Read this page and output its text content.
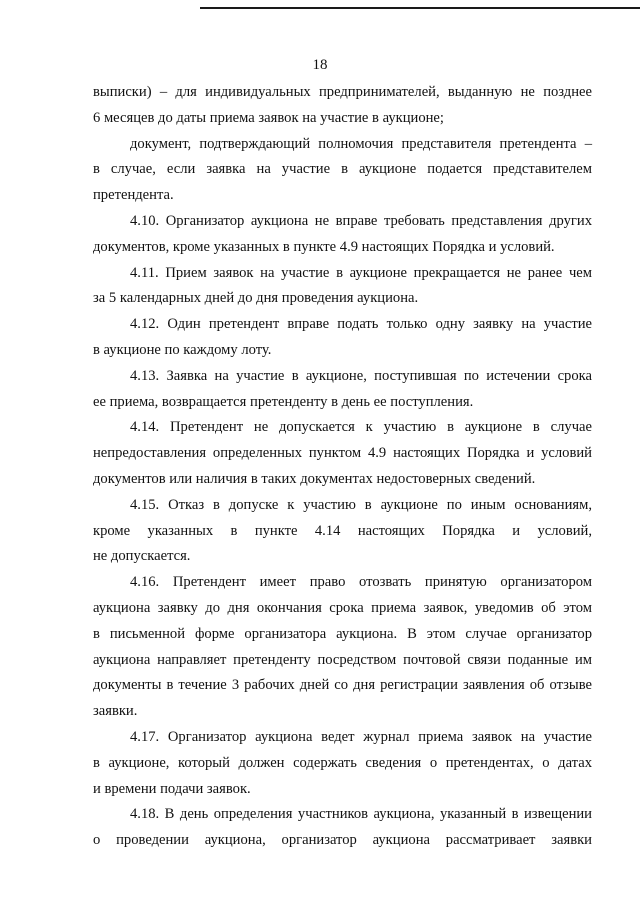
18
выписки) – для индивидуальных предпринимателей, выданную не позднее
6 месяцев до даты приема заявок на участие в аукционе;
документ, подтверждающий полномочия представителя претендента –
в случае, если заявка на участие в аукционе подается представителем
претендента.
4.10. Организатор аукциона не вправе требовать представления других
документов, кроме указанных в пункте 4.9 настоящих Порядка и условий.
4.11. Прием заявок на участие в аукционе прекращается не ранее чем
за 5 календарных дней до дня проведения аукциона.
4.12. Один претендент вправе подать только одну заявку на участие
в аукционе по каждому лоту.
4.13. Заявка на участие в аукционе, поступившая по истечении срока
ее приема, возвращается претенденту в день ее поступления.
4.14. Претендент не допускается к участию в аукционе в случае
непредоставления определенных пунктом 4.9 настоящих Порядка и условий
документов или наличия в таких документах недостоверных сведений.
4.15. Отказ в допуске к участию в аукционе по иным основаниям,
кроме указанных в пункте 4.14 настоящих Порядка и условий,
не допускается.
4.16. Претендент имеет право отозвать принятую организатором
аукциона заявку до дня окончания срока приема заявок, уведомив об этом
в письменной форме организатора аукциона. В этом случае организатор
аукциона направляет претенденту посредством почтовой связи поданные им
документы в течение 3 рабочих дней со дня регистрации заявления об отзыве
заявки.
4.17. Организатор аукциона ведет журнал приема заявок на участие
в аукционе, который должен содержать сведения о претендентах, о датах
и времени подачи заявок.
4.18. В день определения участников аукциона, указанный в извещении
о проведении аукциона, организатор аукциона рассматривает заявки
